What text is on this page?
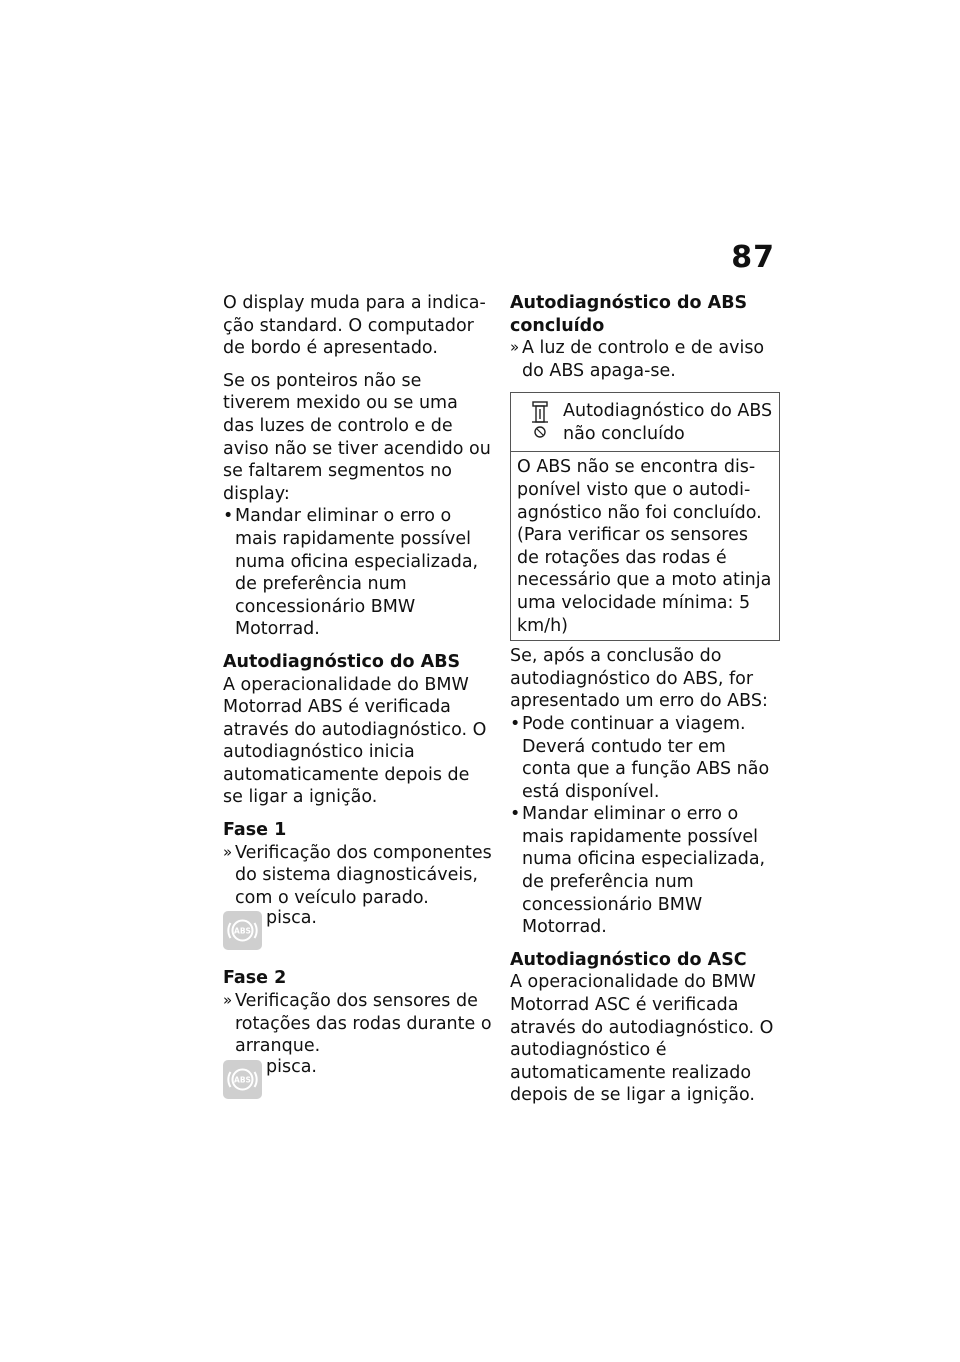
87

O display muda para a indicação standard. O computador de bordo é apresentado.

Se os ponteiros não se tiverem mexido ou se uma das luzes de controlo e de aviso não se tiver acendido ou se faltarem segmentos no display:

• Mandar eliminar o erro o mais rapidamente possível numa oficina especializada, de preferência num concessionário BMW Motorrad.

Autodiagnóstico do ABS

A operacionalidade do BMW Motorrad ABS é verificada através do autodiagnóstico. O autodiagnóstico inicia automaticamente depois de se ligar a ignição.

Fase 1

» Verificação dos componentes do sistema diagnosticáveis, com o veículo parado.
ABS
pisca.

Fase 2

» Verificação dos sensores de rotações das rodas durante o arranque.
ABS
pisca.

Autodiagnóstico do ABS concluído

» A luz de controlo e de aviso do ABS apaga-se.
Autodiagnóstico do ABS não concluído
O ABS não se encontra disponível visto que o autodiagnóstico não foi concluído. (Para verificar os sensores de rotações das rodas é necessário que a moto atinja uma velocidade mínima: 5 km/h)

Se, após a conclusão do autodiagnóstico do ABS, for apresentado um erro do ABS:

• Pode continuar a viagem. Deverá contudo ter em conta que a função ABS não está disponível.
• Mandar eliminar o erro o mais rapidamente possível numa oficina especializada, de preferência num concessionário BMW Motorrad.

Autodiagnóstico do ASC

A operacionalidade do BMW Motorrad ASC é verificada através do autodiagnóstico. O autodiagnóstico é automaticamente realizado depois de se ligar a ignição.
